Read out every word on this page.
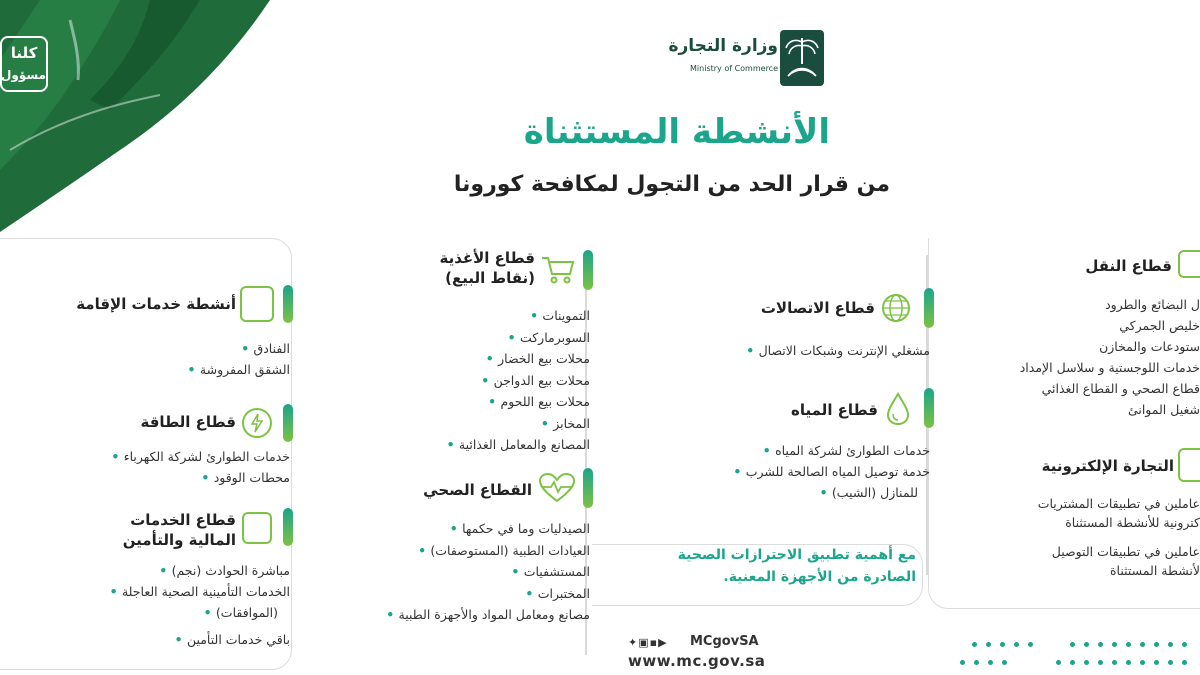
كلنا
مسؤول
وزارة التجارة
Ministry of Commerce
الأنشطة المستثناة
من قرار الحد من التجول لمكافحة كورونا
أنشطة خدمات الإقامة
الفنادق •
الشقق المفروشة •
قطاع الطاقة
خدمات الطوارئ لشركة الكهرباء •
محطات الوقود •
قطاع الخدمات
المالية والتأمين
مباشرة الحوادث (نجم) •
الخدمات التأمينية الصحية العاجلة •
(الموافقات) •
باقي خدمات التأمين •
قطاع الأغذية
(نقاط البيع)
التموينات •
السوبرماركت •
محلات بيع الخضار •
محلات بيع الدواجن •
محلات بيع اللحوم •
المخابز •
المصانع والمعامل الغذائية •
القطاع الصحي
الصيدليات وما في حكمها •
العيادات الطبية (المستوصفات) •
المستشفيات •
المختبرات •
مصانع ومعامل المواد والأجهزة الطبية •
قطاع الاتصالات
مشغلي الإنترنت وشبكات الاتصال •
قطاع المياه
خدمات الطوارئ لشركة المياه •
خدمة توصيل المياه الصالحة للشرب •
للمنازل (الشيب) •
قطاع النقل
ل البضائع والطرود
خليص الجمركي
ستودعات والمخازن
خدمات اللوجستية و سلاسل الإمداد
قطاع الصحي و القطاع الغذائي
شغيل الموانئ
التجارة الإلكترونية
عاملين في تطبيقات المشتريات
كترونية للأنشطة المستثناة
عاملين في تطبيقات التوصيل
لأنشطة المستثناة
مع أهمية تطبيق الاحترازات الصحية
الصادرة من الأجهزة المعنية.
✦▣▪▶	MCgovSA
www.mc.gov.sa
